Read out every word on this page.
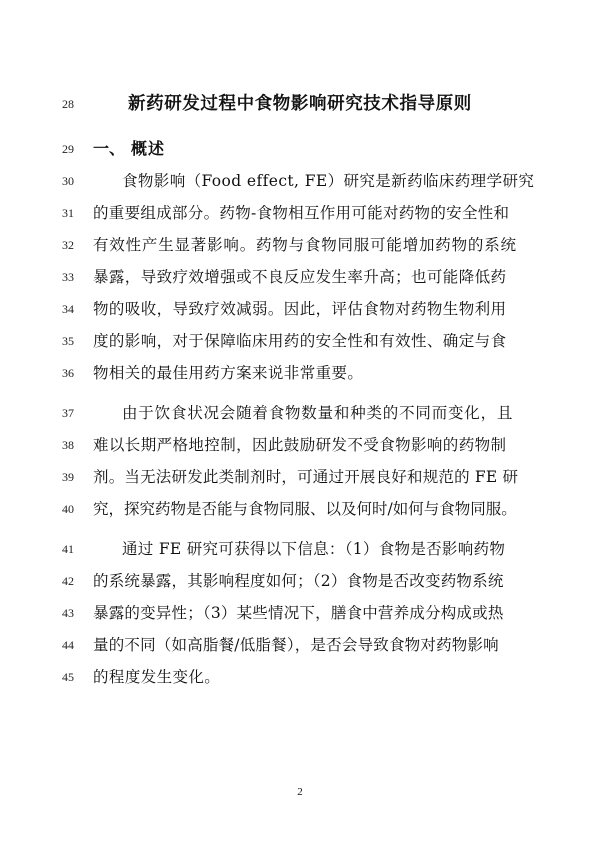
28	新药研发过程中食物影响研究技术指导原则
29	一、 概述
30	食物影响（Food effect, FE）研究是新药临床药理学研究
31	的重要组成部分。药物-食物相互作用可能对药物的安全性和
32	有效性产生显著影响。药物与食物同服可能增加药物的系统
33	暴露，导致疗效增强或不良反应发生率升高；也可能降低药
34	物的吸收，导致疗效减弱。因此，评估食物对药物生物利用
35	度的影响，对于保障临床用药的安全性和有效性、确定与食
36	物相关的最佳用药方案来说非常重要。
37	由于饮食状况会随着食物数量和种类的不同而变化，且
38	难以长期严格地控制，因此鼓励研发不受食物影响的药物制
39	剂。当无法研发此类制剂时，可通过开展良好和规范的 FE 研
40	究，探究药物是否能与食物同服、以及何时/如何与食物同服。
41	通过 FE 研究可获得以下信息：（1）食物是否影响药物
42	的系统暴露，其影响程度如何；（2）食物是否改变药物系统
43	暴露的变异性；（3）某些情况下，膳食中营养成分构成或热
44	量的不同（如高脂餐/低脂餐），是否会导致食物对药物影响
45	的程度发生变化。
2
